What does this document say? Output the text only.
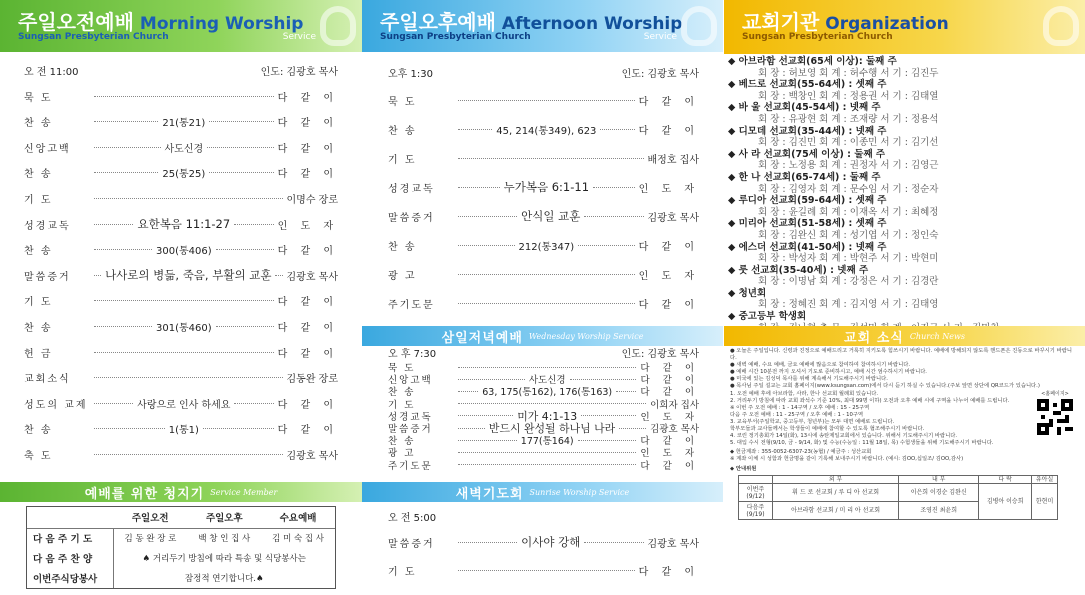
주일오전예배 Morning Worship
Sungsan Presbyterian Church	Service
오 전 11:00	인도: 김광호 목사
묵 도	다 같 이
찬 송	21(통21)	다 같 이
신앙고백	사도신경	다 같 이
찬 송	25(통25)	다 같 이
기 도	이명수 장로
성경교독	요한복음 11:1-27	인 도 자
찬 송	300(통406)	다 같 이
말씀증거	나사로의 병듦, 죽음, 부활의 교훈 김광호 목사
기 도	다 같 이
찬 송	301(통460)	다 같 이
헌 금	다 같 이
교회소식	김동완 장로
성도의 교제	사랑으로 인사 하세요	다 같 이
찬 송	1(통1)	다 같 이
축 도	김광호 목사
예배를 위한 청지기 Service Member
	주일오전	주일오후	수요예배
다 음 주 기 도	김 동 완 장 로	백 창 인 집 사	김 미 숙 집 사
다 음 주 찬 양	♠ 거리두기 방침에 따라 특송 및 식당봉사는		
이번주식당봉사	잠정적 연기합니다.♠		
주일오후예배 Afternoon Worship
Sungsan Presbyterian Church	Service
오후 1:30	인도: 김광호 목사
묵 도	다 같 이
찬 송	45, 214(통349), 623	다 같 이
기 도	배정호 집사
성경교독	누가복음 6:1-11	인 도 자
말씀증거	안식일 교훈	김광호 목사
찬 송	212(통347)	다 같 이
광 고	인 도 자
주기도문	다 같 이
삼일저녁예배 Wednesday Worship Service
오 후 7:30	인도: 김광호 목사
묵 도	다 같 이
신앙고백	사도신경	다 같 이
찬 송	63, 175(통162), 176(통163)	다 같 이
기 도	이희자 집사
성경교독	미가 4:1-13	인 도 자
말씀증거	반드시 완성될 하나님 나라	김광호 목사
찬 송	177(통164)	다 같 이
광 고	인 도 자
주기도문	다 같 이
새벽기도회 Sunrise Worship Service
오 전 5:00
말씀증거	이사야 강해	김광호 목사
기 도	다 같 이
교회기관 Organization
Sungsan Presbyterian Church
◆ 아브라함 선교회(65세 이상): 둘째 주
회 장 : 허보영 회 계 : 허수행 서 기 : 김진두
◆ 베드로 선교회(55-64세) : 셋째 주
회 장 : 백창인 회 계 : 정용권 서 기 : 김태열
◆ 바 울 선교회(45-54세) : 넷째 주
회 장 : 유광현 회 계 : 조재량 서 기 : 정용석
◆ 디모데 선교회(35-44세) : 넷째 주
회 장 : 김진민 회 계 : 이종민 서 기 : 김기선
◆ 사 라 선교회(75세 이상) : 둘째 주
회 장 : 노정용 회 계 : 권정자 서 기 : 김영근
◆ 한 나 선교회(65-74세) : 둘째 주
회 장 : 김영자 회 계 : 문수임 서 기 : 정순자
◆ 루디아 선교회(59-64세) : 셋째 주
회 장 : 윤길례 회 계 : 이재옥 서 기 : 최혜정
◆ 미리아 선교회(51-58세) : 셋째 주
회 장 : 김완신 회 계 : 성기엽 서 기 : 정인숙
◆ 에스더 선교회(41-50세) : 넷째 주
회 장 : 박성자 회 계 : 박현주 서 기 : 박현미
◆ 룻 선교회(35-40세) : 넷째 주
회 장 : 이명남 회 계 : 강정은 서 기 : 김경란
◆ 청년회
회 장 : 정혜진 회 계 : 김지영 서 기 : 김태영
◆ 중고등부 학생회
교회 소식 Church News
● 오늘은 주일입니다. 신령과 진정으로 예배드리고 거룩히 지키도록 힘쓰시기 바랍니다. 예배에 방해되지 않도록 핸드폰은 진동으로 바꾸시기 바랍니다.
● 새벽 예배, 수요 예배, 금요 예배에 많음으로 참여하여 참여하시기 바랍니다.
● 예배 시간 10분전 까지 오셔서 기도로 준비하시고, 예배 시간 엄수하시기 바랍니다.
● 미국에 있는 김성덕 목사를 위해 계속해서 기도해주시기 바랍니다.
● 목사님 주일 설교는 교회 홈페이지(www.ksungsan.com)에서 다시 듣기 하실 수 있습니다.(주보 앞면 상단에 QR코드가 있습니다.)
1. 오전 예배 후에 아브라함, 사라, 한나 선교회 월례회 있습니다.
2. 거리두기 방침에 따라 교회 좌석수 기준 10%, 최대 99명 이하) 오전과 오후 예배 시에 구역을 나누어 예배를 드립니다.
※ 이번 주 오전 예배 : 1 - 14구역 / 오후 예배 : 15 - 25구역
다음 주 오전 예배 : 11 - 25구역 / 오후 예배 : 1 - 10구역
3. 교육부서(주일학교, 중고등부, 청년부)는 모두 대면 예배로 드립니다.
학부모들과 교사들께서는 학생들이 예배에 참여할 수 있도록 협조해주시기 바랍니다.
4. 코린 정기총회가 14일(화), 13시에 송탄제일교회에서 있습니다. 위해서 기도해주시기 바랍니다.
5. 대입 수시 전형(9/10, 금 - 9/14, 화) 및 수능(수능일 : 11월 18일, 목) 수험생들을 위해 기도해주시기 바랍니다.
<홈페이지>
◆ 헌금계좌 : 355-0052-6307-23(농협) / 예금주 : 성산교회
※ 계좌 이체 시 성함과 헌금명을 같이 기록해 보내주시기 바랍니다. (예시: 김OO,십일조/ 김OO,감사)
◆ 안내위원
	외 부	내 부	다 락	유아실
이번주 (9/12)	휘 드 로 선교회 / 루 디 아 선교회	이은희 이경순 김완신	김병아 이승희	한현미
다음주 (9/19)	아브라함 선교회 / 미 리 아 선교회	조영진 최윤희		
